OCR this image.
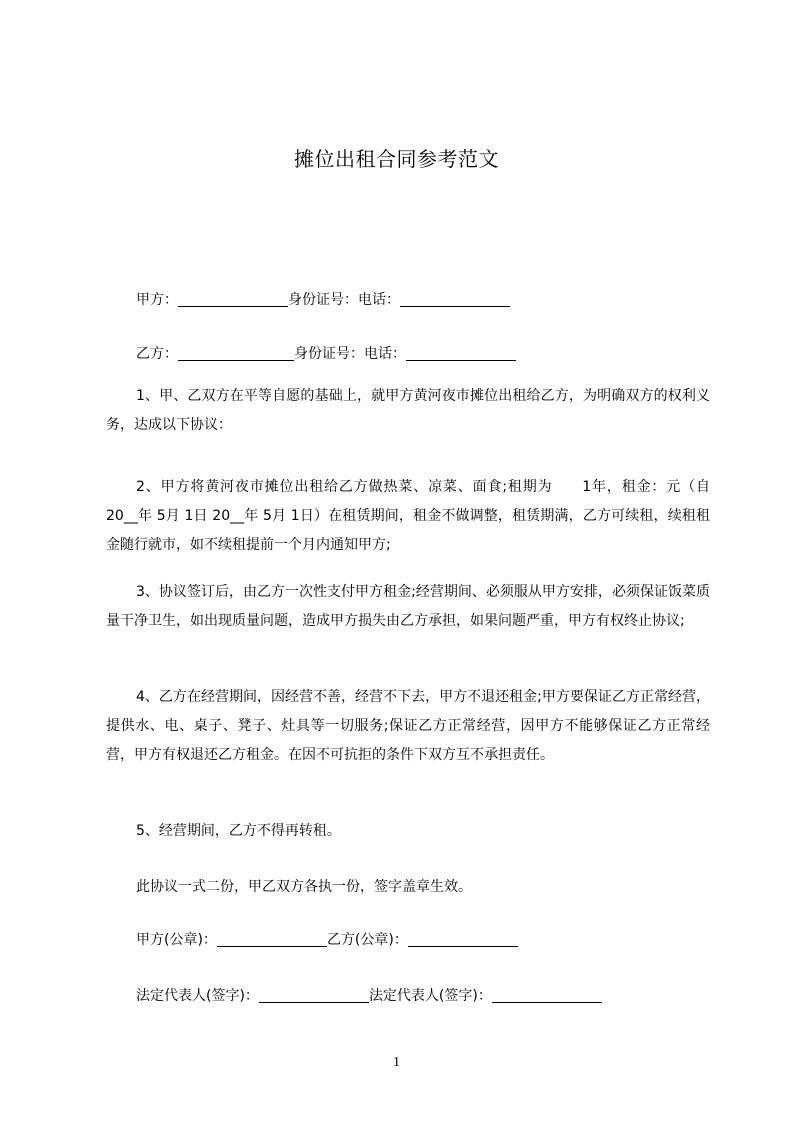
摊位出租合同参考范文
甲方：	身份证号：电话：
乙方：	身份证号：电话：

1、甲、乙双方在平等自愿的基础上，就甲方黄河夜市摊位出租给乙方，为明确双方的权利义务，达成以下协议：

2、甲方将黄河夜市摊位出租给乙方做热菜、凉菜、面食;租期为　　1年，租金：元（自 20__年 5月 1日 20__年 5月 1日）在租赁期间，租金不做调整，租赁期满，乙方可续租，续租租金随行就市，如不续租提前一个月内通知甲方;

3、协议签订后，由乙方一次性支付甲方租金;经营期间、必须服从甲方安排，必须保证饭菜质量干净卫生，如出现质量问题，造成甲方损失由乙方承担，如果问题严重，甲方有权终止协议;

4、乙方在经营期间，因经营不善，经营不下去，甲方不退还租金;甲方要保证乙方正常经营，提供水、电、桌子、凳子、灶具等一切服务;保证乙方正常经营，因甲方不能够保证乙方正常经营，甲方有权退还乙方租金。在因不可抗拒的条件下双方互不承担责任。

5、经营期间，乙方不得再转租。

此协议一式二份，甲乙双方各执一份，签字盖章生效。
甲方(公章)：	乙方(公章)：
法定代表人(签字)：	法定代表人(签字)：
1
